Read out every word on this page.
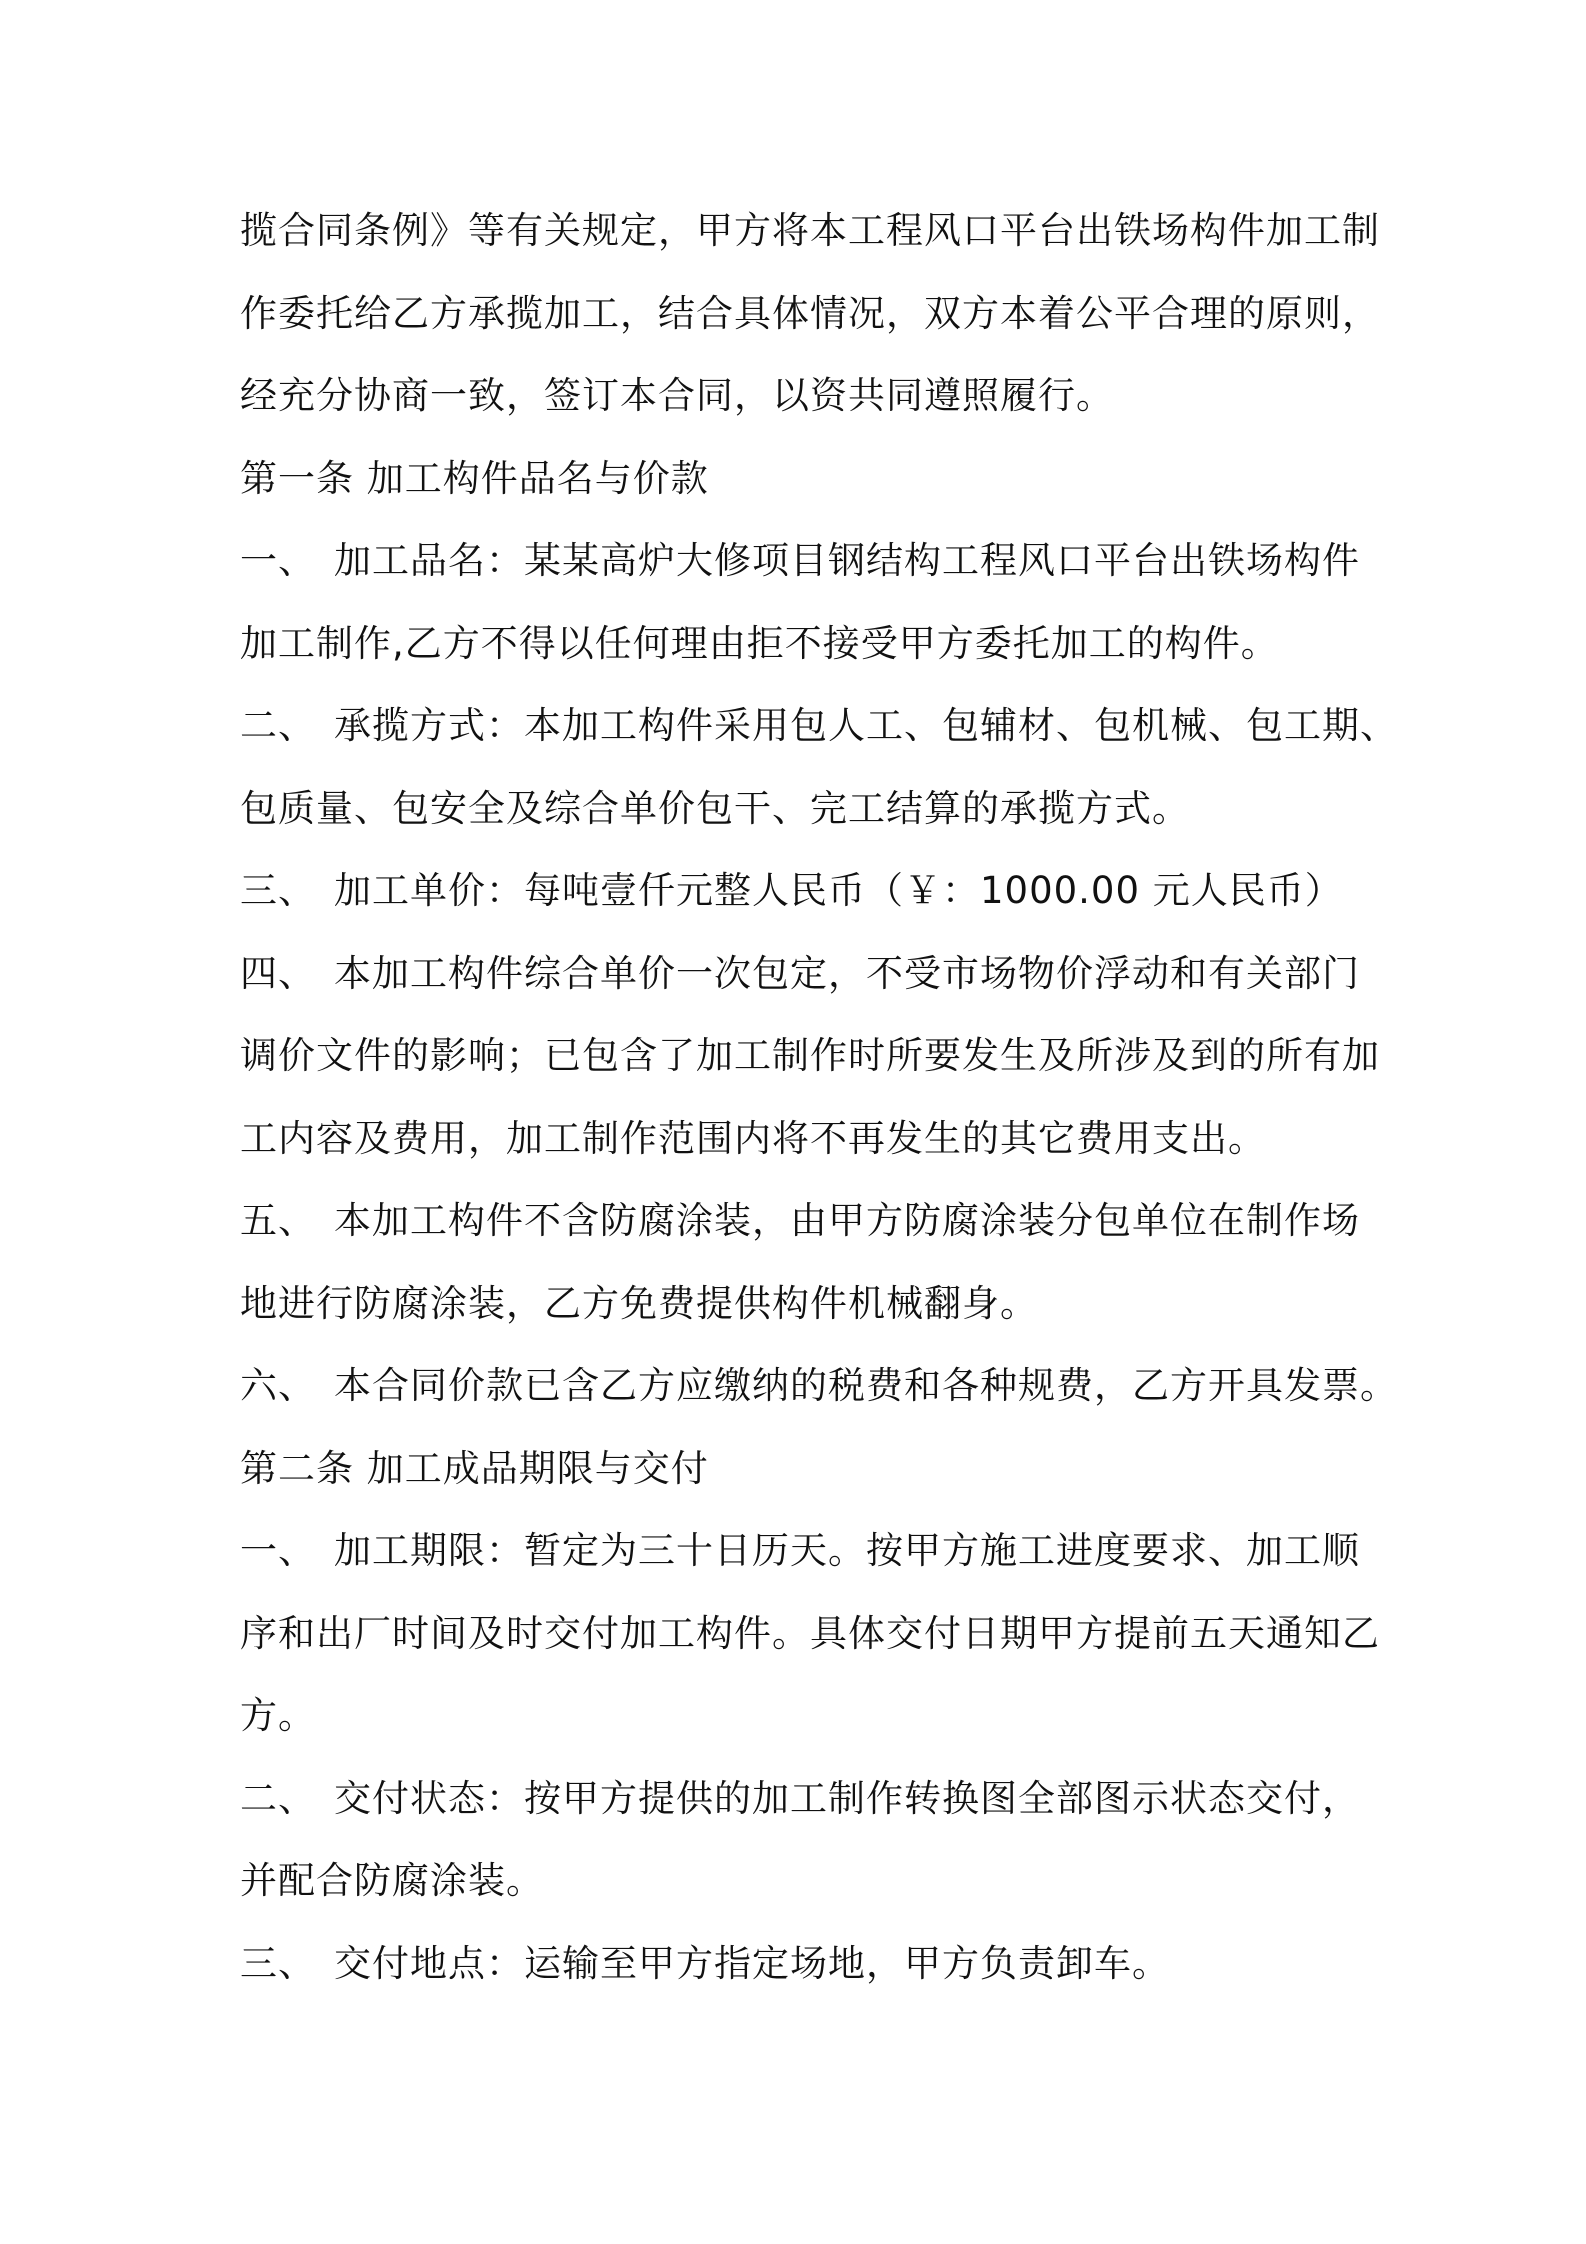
揽合同条例》等有关规定，甲方将本工程风口平台出铁场构件加工制
作委托给乙方承揽加工，结合具体情况，双方本着公平合理的原则，
经充分协商一致，签订本合同，以资共同遵照履行。
第一条 加工构件品名与价款
一、 加工品名：某某高炉大修项目钢结构工程风口平台出铁场构件
加工制作,乙方不得以任何理由拒不接受甲方委托加工的构件。
二、 承揽方式：本加工构件采用包人工、包辅材、包机械、包工期、
包质量、包安全及综合单价包干、完工结算的承揽方式。
三、 加工单价：每吨壹仟元整人民币（￥：1000.00 元人民币）
四、 本加工构件综合单价一次包定，不受市场物价浮动和有关部门
调价文件的影响；已包含了加工制作时所要发生及所涉及到的所有加
工内容及费用，加工制作范围内将不再发生的其它费用支出。
五、 本加工构件不含防腐涂装，由甲方防腐涂装分包单位在制作场
地进行防腐涂装，乙方免费提供构件机械翻身。
六、 本合同价款已含乙方应缴纳的税费和各种规费，乙方开具发票。
第二条 加工成品期限与交付
一、 加工期限：暂定为三十日历天。按甲方施工进度要求、加工顺
序和出厂时间及时交付加工构件。具体交付日期甲方提前五天通知乙
方。
二、 交付状态：按甲方提供的加工制作转换图全部图示状态交付，
并配合防腐涂装。
三、 交付地点：运输至甲方指定场地，甲方负责卸车。
